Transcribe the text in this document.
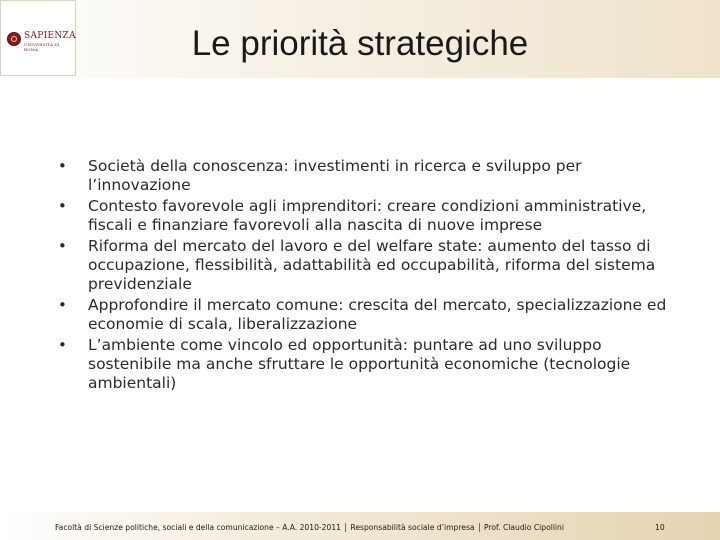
SAPIENZA
UNIVERSITÀ DI ROMA	Le priorità strategiche
• Società della conoscenza: investimenti in ricerca e sviluppo per l’innovazione
• Contesto favorevole agli imprenditori: creare condizioni amministrative, fiscali e finanziare favorevoli alla nascita di nuove imprese
• Riforma del mercato del lavoro e del welfare state: aumento del tasso di occupazione, flessibilità, adattabilità ed occupabilità, riforma del sistema previdenziale
• Approfondire il mercato comune: crescita del mercato, specializzazione ed economie di scala, liberalizzazione
• L’ambiente come vincolo ed opportunità: puntare ad uno sviluppo sostenibile ma anche sfruttare le opportunità economiche (tecnologie ambientali)
Facoltà di Scienze politiche, sociali e della comunicazione – A.A. 2010-2011 │ Responsabilità sociale d’impresa │ Prof. Claudio Cipollini	10
